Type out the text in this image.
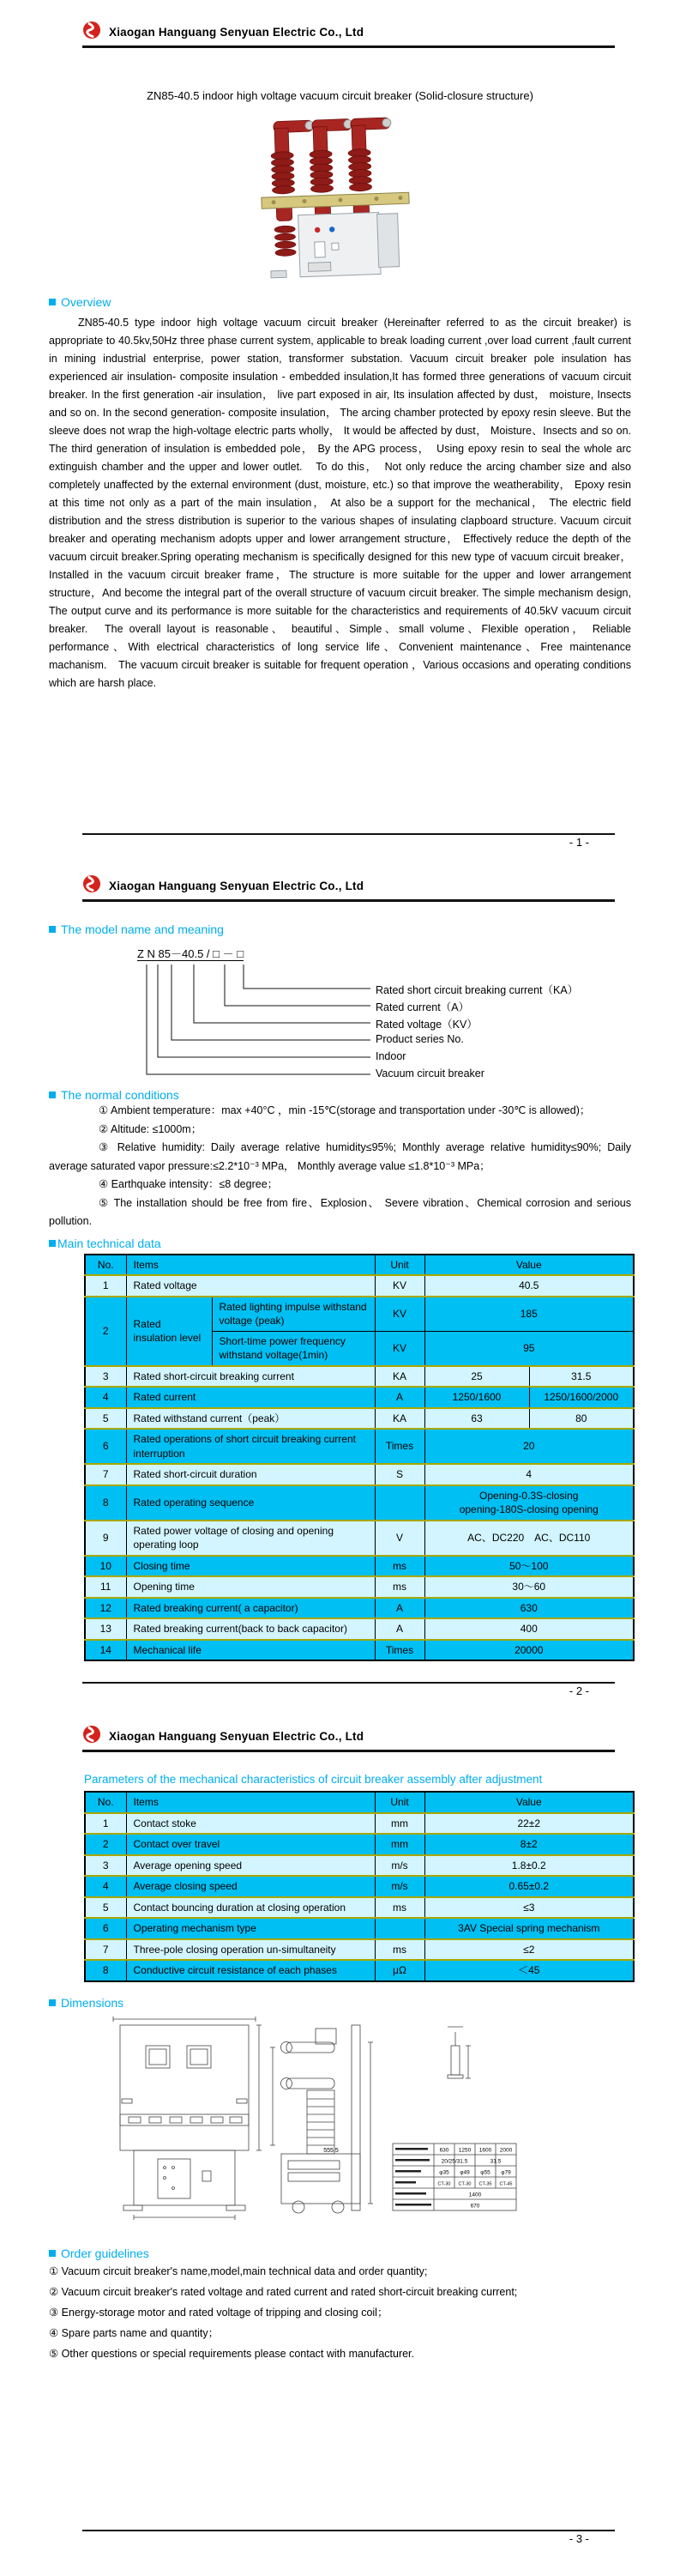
Xiaogan Hanguang Senyuan Electric Co., Ltd
ZN85-40.5 indoor high voltage vacuum circuit breaker (Solid-closure structure)
Overview
ZN85-40.5 type indoor high voltage vacuum circuit breaker (Hereinafter referred to as the circuit breaker) is appropriate to 40.5kv,50Hz three phase current system, applicable to break loading current ,over load current ,fault current in mining industrial enterprise, power station, transformer substation. Vacuum circuit breaker pole insulation has experienced air insulation- composite insulation - embedded insulation,It has formed three generations of vacuum circuit breaker. In the first generation -air insulation， live part exposed in air, Its insulation affected by dust， moisture, Insects and so on. In the second generation- composite insulation， The arcing chamber protected by epoxy resin sleeve. But the sleeve does not wrap the high-voltage electric parts wholly， It would be affected by dust， Moisture、Insects and so on.　The third generation of insulation is embedded pole， By the APG process，　Using epoxy resin to seal the whole arc extinguish chamber and the upper and lower outlet.　To do this，　Not only reduce the arcing chamber size and also completely unaffected by the external environment (dust, moisture, etc.) so that improve the weatherability， Epoxy resin at this time not only as a part of the main insulation， At also be a support for the mechanical， The electric field distribution and the stress distribution is superior to the various shapes of insulating clapboard structure. Vacuum circuit breaker and operating mechanism adopts upper and lower arrangement structure， Effectively reduce the depth of the vacuum circuit breaker.Spring operating mechanism is specifically designed for this new type of vacuum circuit breaker， Installed in the vacuum circuit breaker frame，The structure is more suitable for the upper and lower arrangement structure，And become the integral part of the overall structure of vacuum circuit breaker. The simple mechanism design, The output curve and its performance is more suitable for the characteristics and requirements of 40.5kV vacuum circuit breaker.　The overall layout is reasonable、 beautiful、Simple、small volume、Flexible operation， Reliable performance、With electrical characteristics of long service life、Convenient maintenance、Free maintenance machanism.　The vacuum circuit breaker is suitable for frequent operation ，Various occasions and operating conditions which are harsh place.
- 1 -
Xiaogan Hanguang Senyuan Electric Co., Ltd
The model name and meaning
Z N 85－40.5 / □ － □
Rated short circuit breaking current（KA）
Rated current（A）
Rated voltage（KV）
Product series No.
Indoor
Vacuum circuit breaker
The normal conditions
① Ambient temperature：max +40°C ，min -15℃(storage and transportation under -30℃ is allowed)；
② Altitude: ≤1000m；
③ Relative humidity: Daily average relative humidity≤95%; Monthly average relative humidity≤90%; Daily average saturated vapor pressure:≤2.2*10⁻³ MPa， Monthly average value ≤1.8*10⁻³ MPa；
④ Earthquake intensity：≤8 degree；
⑤ The installation should be free from fire、Explosion、 Severe vibration、Chemical corrosion and serious pollution.
Main technical data
No.	Items		Unit	Value	
1	Rated voltage		KV	40.5	
2	Rated insulation level	Rated lighting impulse withstand voltage (peak)	KV	185	
		Short-time power frequency withstand voltage(1min)	KV	95	
3	Rated short-circuit breaking current		KA	25	31.5
4	Rated current		A	1250/1600	1250/1600/2000
5	Rated withstand current（peak）		KA	63	80
6	Rated operations of short circuit breaking current interruption		Times	20	
7	Rated short-circuit duration		S	4	
8	Rated operating sequence			Opening-0.3S-closing
opening-180S-closing opening	

9	Rated power voltage of closing and opening operating loop		V	AC、DC220　AC、DC110	
10	Closing time		ms	50～100	
11	Opening time		ms	30～60	
12	Rated breaking current( a capacitor)		A	630	
13	Rated breaking current(back to back capacitor)		A	400	
14	Mechanical life		Times	20000	
- 2 -
Xiaogan Hanguang Senyuan Electric Co., Ltd
Parameters of the mechanical characteristics of circuit breaker assembly after adjustment
No.	Items	Unit	Value
1	Contact stoke	mm	22±2
2	Contact over travel	mm	8±2
3	Average opening speed	m/s	1.8±0.2
4	Average closing speed	m/s	0.65±0.2
5	Contact bouncing duration at closing operation	ms	≤3
6	Operating mechanism type		3AV Special spring mechanism
7	Three-pole closing operation un-simultaneity	ms	≤2
8	Conductive circuit resistance of each phases	μΩ	＜45
Dimensions
630 1250 1600 2000
20/25/31.5	31.5
φ35 φ49 φ55 φ79
CT-30 CT-30 CT-35 CT-45
1400
670
555.5
Order guidelines
① Vacuum circuit breaker's name,model,main technical data and order quantity;
② Vacuum circuit breaker's rated voltage and rated current and rated short-circuit breaking current;
③ Energy-storage motor and rated voltage of tripping and closing coil；
④ Spare parts name and quantity；
⑤ Other questions or special requirements please contact with manufacturer.
- 3 -
